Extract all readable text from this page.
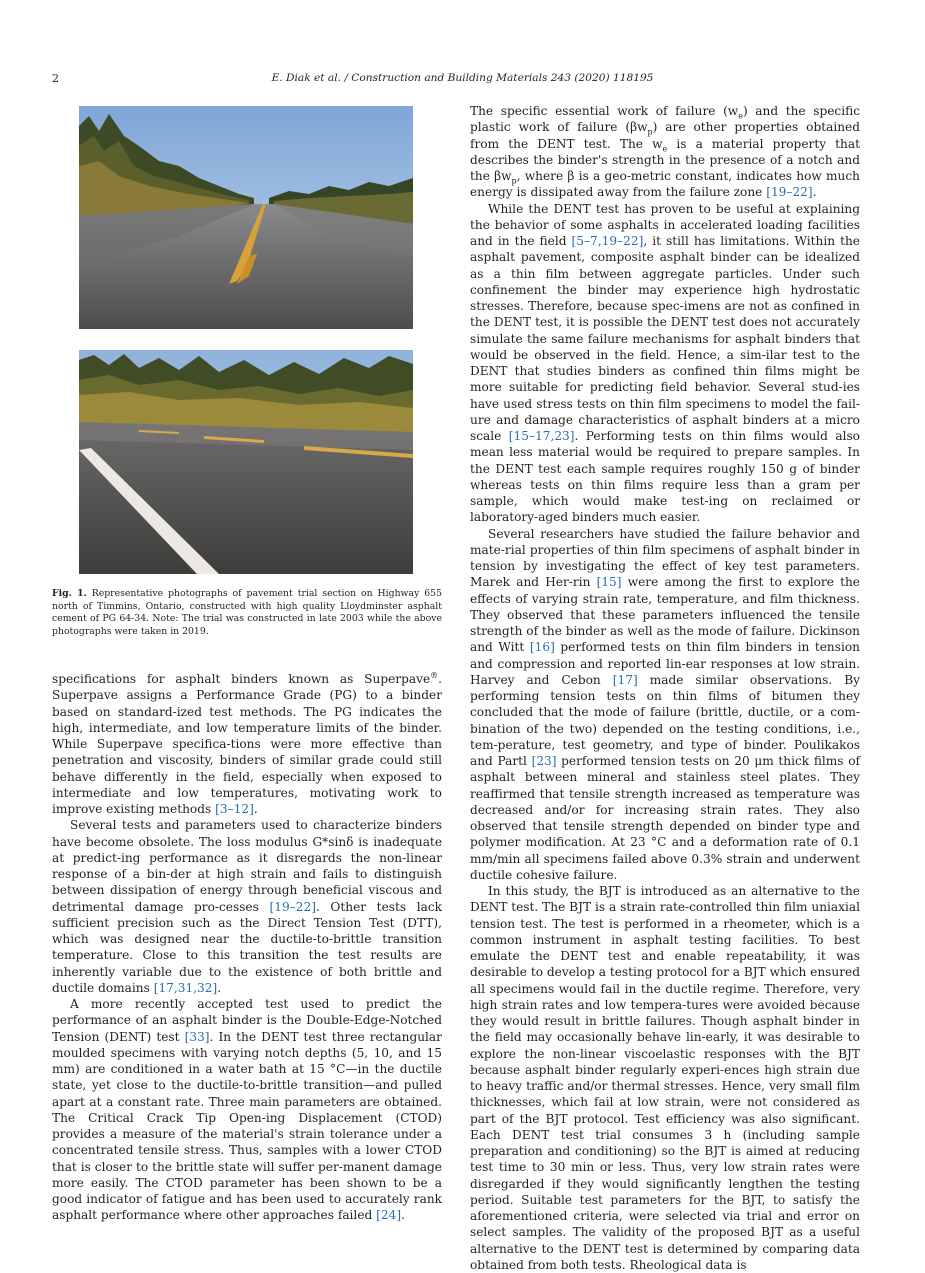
2	E. Diak et al. / Construction and Building Materials 243 (2020) 118195
Fig. 1. Representative photographs of pavement trial section on Highway 655 north of Timmins, Ontario, constructed with high quality Lloydminster asphalt cement of PG 64-34. Note: The trial was constructed in late 2003 while the above photographs were taken in 2019.

specifications for asphalt binders known as Superpave®. Superpave assigns a Performance Grade (PG) to a binder based on standard-ized test methods. The PG indicates the high, intermediate, and low temperature limits of the binder. While Superpave specifica-tions were more effective than penetration and viscosity, binders of similar grade could still behave differently in the field, especially when exposed to intermediate and low temperatures, motivating work to improve existing methods [3–12].

Several tests and parameters used to characterize binders have become obsolete. The loss modulus G*sinδ is inadequate at predict-ing performance as it disregards the non-linear response of a bin-der at high strain and fails to distinguish between dissipation of energy through beneficial viscous and detrimental damage pro-cesses [19–22]. Other tests lack sufficient precision such as the Direct Tension Test (DTT), which was designed near the ductile-to-brittle transition temperature. Close to this transition the test results are inherently variable due to the existence of both brittle and ductile domains [17,31,32].

A more recently accepted test used to predict the performance of an asphalt binder is the Double-Edge-Notched Tension (DENT) test [33]. In the DENT test three rectangular moulded specimens with varying notch depths (5, 10, and 15 mm) are conditioned in a water bath at 15 °C—in the ductile state, yet close to the ductile-to-brittle transition—and pulled apart at a constant rate. Three main parameters are obtained. The Critical Crack Tip Open-ing Displacement (CTOD) provides a measure of the material's strain tolerance under a concentrated tensile stress. Thus, samples with a lower CTOD that is closer to the brittle state will suffer per-manent damage more easily. The CTOD parameter has been shown to be a good indicator of fatigue and has been used to accurately rank asphalt performance where other approaches failed [24].

The specific essential work of failure $(w_e)$ and the specific plastic work of failure $(\beta w_p)$ are other properties obtained from the DENT test. The $w_e$ is a material property that describes the binder's strength in the presence of a notch and the $\beta w_p$, where β is a geo-metric constant, indicates how much energy is dissipated away from the failure zone [19–22].

While the DENT test has proven to be useful at explaining the behavior of some asphalts in accelerated loading facilities and in the field [5–7,19–22], it still has limitations. Within the asphalt pavement, composite asphalt binder can be idealized as a thin film between aggregate particles. Under such confinement the binder may experience high hydrostatic stresses. Therefore, because spec-imens are not as confined in the DENT test, it is possible the DENT test does not accurately simulate the same failure mechanisms for asphalt binders that would be observed in the field. Hence, a sim-ilar test to the DENT that studies binders as confined thin films might be more suitable for predicting field behavior. Several stud-ies have used stress tests on thin film specimens to model the fail-ure and damage characteristics of asphalt binders at a micro scale [15–17,23]. Performing tests on thin films would also mean less material would be required to prepare samples. In the DENT test each sample requires roughly 150 g of binder whereas tests on thin films require less than a gram per sample, which would make test-ing on reclaimed or laboratory-aged binders much easier.

Several researchers have studied the failure behavior and mate-rial properties of thin film specimens of asphalt binder in tension by investigating the effect of key test parameters. Marek and Her-rin [15] were among the first to explore the effects of varying strain rate, temperature, and film thickness. They observed that these parameters influenced the tensile strength of the binder as well as the mode of failure. Dickinson and Witt [16] performed tests on thin film binders in tension and compression and reported lin-ear responses at low strain. Harvey and Cebon [17] made similar observations. By performing tension tests on thin films of bitumen they concluded that the mode of failure (brittle, ductile, or a com-bination of the two) depended on the testing conditions, i.e., tem-perature, test geometry, and type of binder. Poulikakos and Partl [23] performed tension tests on 20 μm thick films of asphalt between mineral and stainless steel plates. They reaffirmed that tensile strength increased as temperature was decreased and/or for increasing strain rates. They also observed that tensile strength depended on binder type and polymer modification. At 23 °C and a deformation rate of 0.1 mm/min all specimens failed above 0.3% strain and underwent ductile cohesive failure.

In this study, the BJT is introduced as an alternative to the DENT test. The BJT is a strain rate-controlled thin film uniaxial tension test. The test is performed in a rheometer, which is a common instrument in asphalt testing facilities. To best emulate the DENT test and enable repeatability, it was desirable to develop a testing protocol for a BJT which ensured all specimens would fail in the ductile regime. Therefore, very high strain rates and low tempera-tures were avoided because they would result in brittle failures. Though asphalt binder in the field may occasionally behave lin-early, it was desirable to explore the non-linear viscoelastic responses with the BJT because asphalt binder regularly experi-ences high strain due to heavy traffic and/or thermal stresses. Hence, very small film thicknesses, which fail at low strain, were not considered as part of the BJT protocol. Test efficiency was also significant. Each DENT test trial consumes 3 h (including sample preparation and conditioning) so the BJT is aimed at reducing test time to 30 min or less. Thus, very low strain rates were disregarded if they would significantly lengthen the testing period. Suitable test parameters for the BJT, to satisfy the aforementioned criteria, were selected via trial and error on select samples. The validity of the proposed BJT as a useful alternative to the DENT test is determined by comparing data obtained from both tests. Rheological data is
